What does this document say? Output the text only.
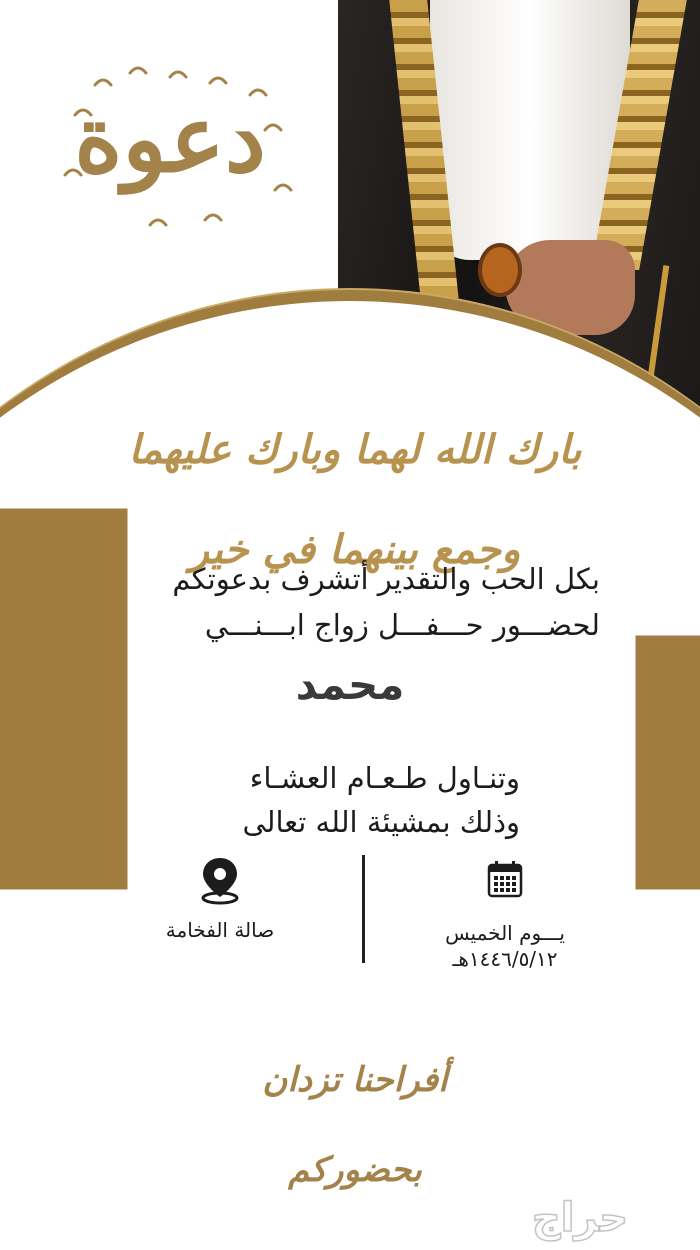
دعوة
بارك الله لهما وبارك عليهما وجمع بينهما في خير
بكل الحب والتقدير أتشرف بدعوتكم
لحضـــور حـــفـــل زواج ابـــنـــي
محمد
وتنـاول طـعـام العشـاء
وذلك بمشيئة الله تعالى
يـــوم الخميس
١٤٤٦/٥/١٢هـ
صالة الفخامة
أفراحنا تزدان بحضوركم
حراج
